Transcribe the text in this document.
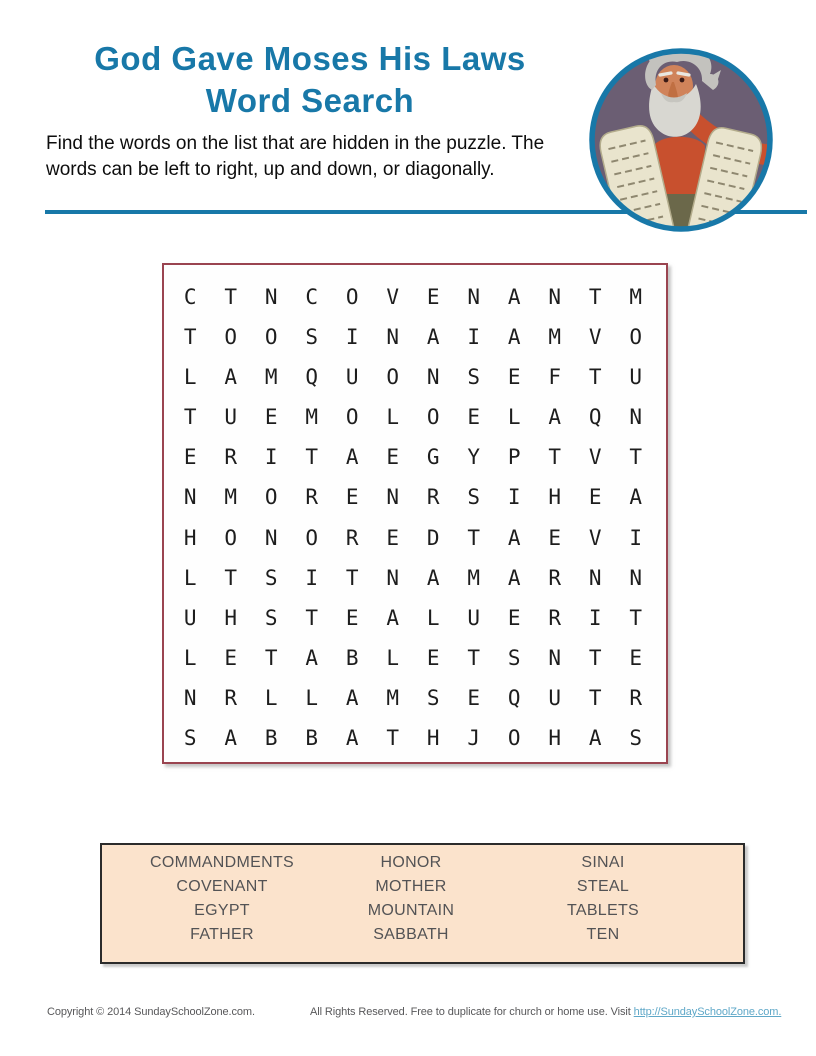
God Gave Moses His Laws
Word Search
Find the words on the list that are hidden in the puzzle. The
words can be left to right, up and down, or diagonally.
C	T	N	C	O	V	E	N	A	N	T	M
T	O	O	S	I	N	A	I	A	M	V	O
L	A	M	Q	U	O	N	S	E	F	T	U
T	U	E	M	O	L	O	E	L	A	Q	N
E	R	I	T	A	E	G	Y	P	T	V	T
N	M	O	R	E	N	R	S	I	H	E	A
H	O	N	O	R	E	D	T	A	E	V	I
L	T	S	I	T	N	A	M	A	R	N	N
U	H	S	T	E	A	L	U	E	R	I	T
L	E	T	A	B	L	E	T	S	N	T	E
N	R	L	L	A	M	S	E	Q	U	T	R
S	A	B	B	A	T	H	J	O	H	A	S
COMMANDMENTS
COVENANT
EGYPT
FATHER
HONOR
MOTHER
MOUNTAIN
SABBATH
SINAI
STEAL
TABLETS
TEN
Copyright © 2014 SundaySchoolZone.com.	All Rights Reserved. Free to duplicate for church or home use. Visit http://SundaySchoolZone.com.
